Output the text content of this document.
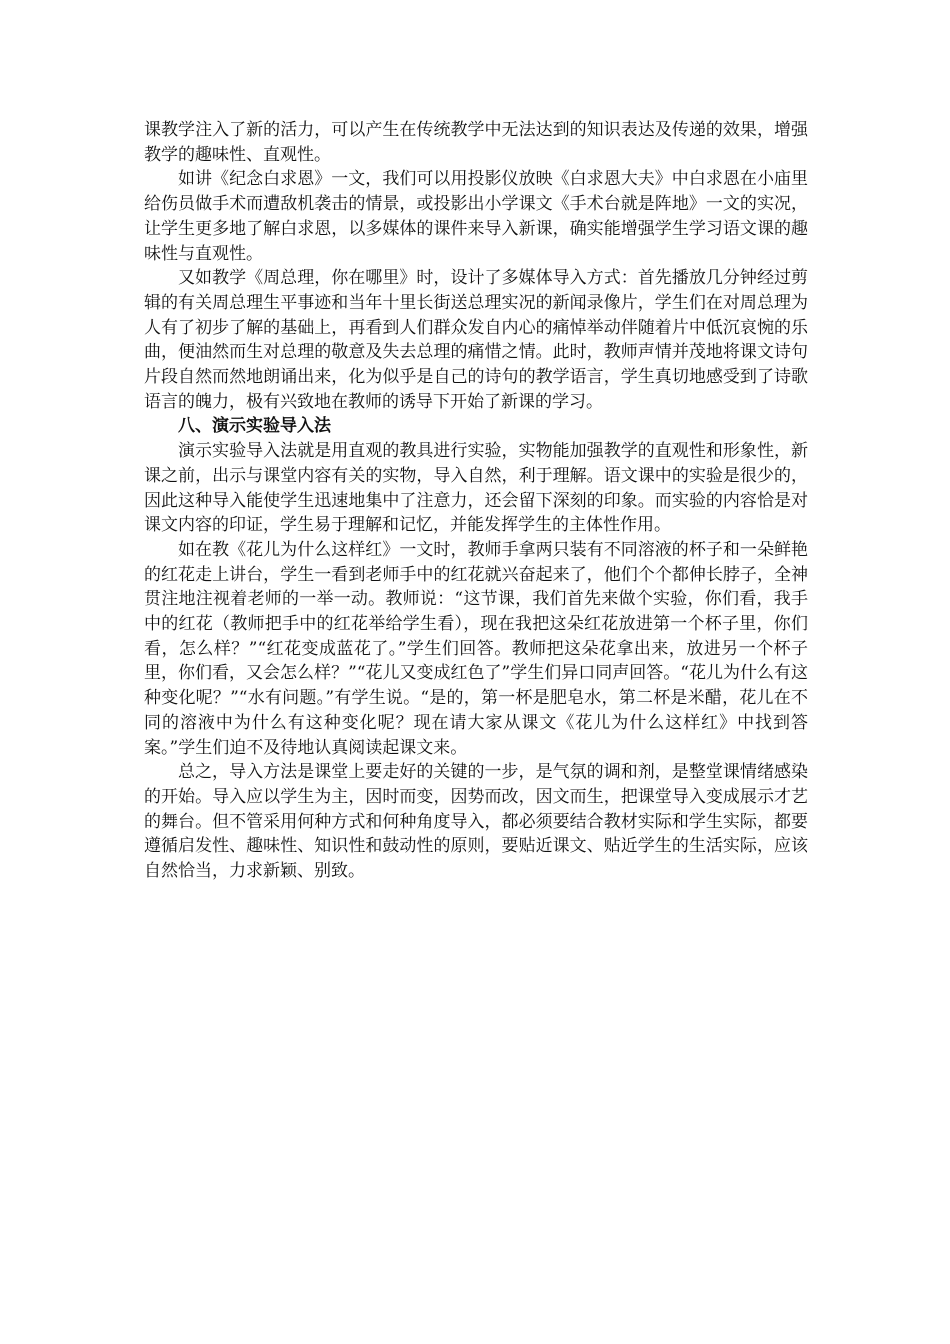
课教学注入了新的活力，可以产生在传统教学中无法达到的知识表达及传递的效果，增强教学的趣味性、直观性。

如讲《纪念白求恩》一文，我们可以用投影仪放映《白求恩大夫》中白求恩在小庙里给伤员做手术而遭敌机袭击的情景，或投影出小学课文《手术台就是阵地》一文的实况，让学生更多地了解白求恩，以多媒体的课件来导入新课，确实能增强学生学习语文课的趣味性与直观性。

又如教学《周总理，你在哪里》时，设计了多媒体导入方式：首先播放几分钟经过剪辑的有关周总理生平事迹和当年十里长街送总理实况的新闻录像片，学生们在对周总理为人有了初步了解的基础上，再看到人们群众发自内心的痛悼举动伴随着片中低沉哀惋的乐曲，便油然而生对总理的敬意及失去总理的痛惜之情。此时，教师声情并茂地将课文诗句片段自然而然地朗诵出来，化为似乎是自己的诗句的教学语言，学生真切地感受到了诗歌语言的魄力，极有兴致地在教师的诱导下开始了新课的学习。

八、演示实验导入法

演示实验导入法就是用直观的教具进行实验，实物能加强教学的直观性和形象性，新课之前，出示与课堂内容有关的实物，导入自然，利于理解。语文课中的实验是很少的，因此这种导入能使学生迅速地集中了注意力，还会留下深刻的印象。而实验的内容恰是对课文内容的印证，学生易于理解和记忆，并能发挥学生的主体性作用。

如在教《花儿为什么这样红》一文时，教师手拿两只装有不同溶液的杯子和一朵鲜艳的红花走上讲台，学生一看到老师手中的红花就兴奋起来了，他们个个都伸长脖子，全神贯注地注视着老师的一举一动。教师说：“这节课，我们首先来做个实验，你们看，我手中的红花（教师把手中的红花举给学生看），现在我把这朵红花放进第一个杯子里，你们看，怎么样？”“红花变成蓝花了。”学生们回答。教师把这朵花拿出来，放进另一个杯子里，你们看，又会怎么样？”“花儿又变成红色了”学生们异口同声回答。“花儿为什么有这种变化呢？”“水有问题。”有学生说。“是的，第一杯是肥皂水，第二杯是米醋，花儿在不同的溶液中为什么有这种变化呢？现在请大家从课文《花儿为什么这样红》中找到答案。”学生们迫不及待地认真阅读起课文来。

总之，导入方法是课堂上要走好的关键的一步，是气氛的调和剂，是整堂课情绪感染的开始。导入应以学生为主，因时而变，因势而改，因文而生，把课堂导入变成展示才艺的舞台。但不管采用何种方式和何种角度导入，都必须要结合教材实际和学生实际，都要遵循启发性、趣味性、知识性和鼓动性的原则，要贴近课文、贴近学生的生活实际，应该自然恰当，力求新颖、别致。
